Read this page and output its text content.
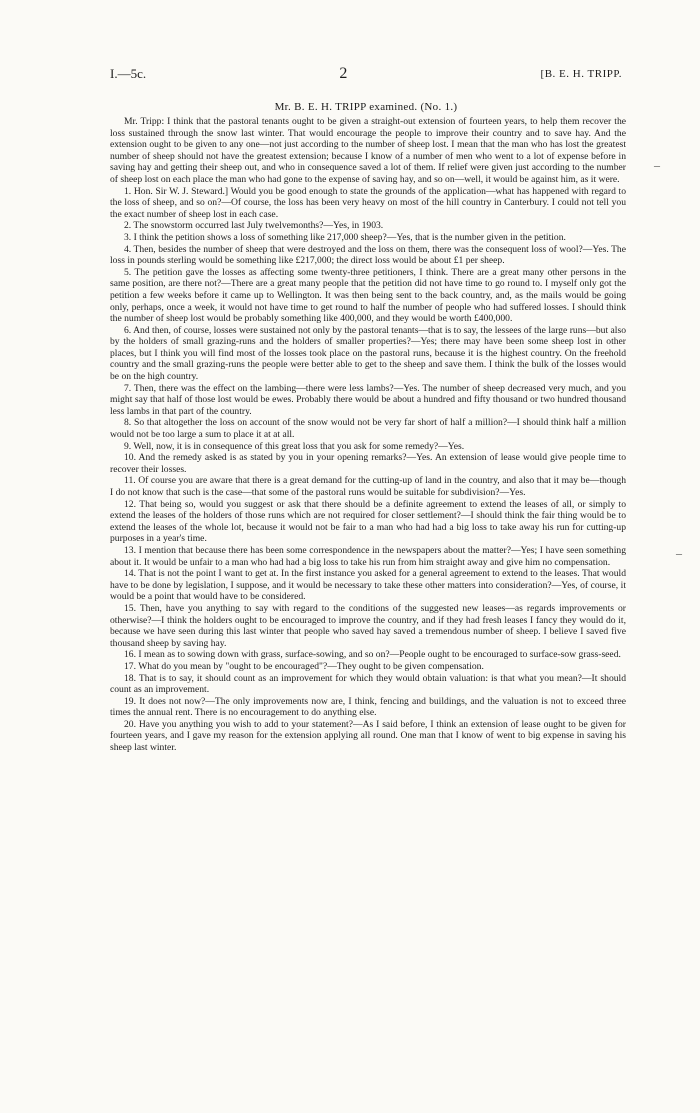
I.—5c.	2	[B. E. H. TRIPP.
Mr. B. E. H. TRIPP examined. (No. 1.)

Mr. Tripp: I think that the pastoral tenants ought to be given a straight-out extension of fourteen years, to help them recover the loss sustained through the snow last winter. That would encourage the people to improve their country and to save hay. And the extension ought to be given to any one—not just according to the number of sheep lost. I mean that the man who has lost the greatest number of sheep should not have the greatest extension; because I know of a number of men who went to a lot of expense before in saving hay and getting their sheep out, and who in consequence saved a lot of them. If relief were given just according to the number of sheep lost on each place the man who had gone to the expense of saving hay, and so on—well, it would be against him, as it were.

1. Hon. Sir W. J. Steward.] Would you be good enough to state the grounds of the application—what has happened with regard to the loss of sheep, and so on?—Of course, the loss has been very heavy on most of the hill country in Canterbury. I could not tell you the exact number of sheep lost in each case.

2. The snowstorm occurred last July twelvemonths?—Yes, in 1903.

3. I think the petition shows a loss of something like 217,000 sheep?—Yes, that is the number given in the petition.

4. Then, besides the number of sheep that were destroyed and the loss on them, there was the consequent loss of wool?—Yes. The loss in pounds sterling would be something like £217,000; the direct loss would be about £1 per sheep.

5. The petition gave the losses as affecting some twenty-three petitioners, I think. There are a great many other persons in the same position, are there not?—There are a great many people that the petition did not have time to go round to. I myself only got the petition a few weeks before it came up to Wellington. It was then being sent to the back country, and, as the mails would be going only, perhaps, once a week, it would not have time to get round to half the number of people who had suffered losses. I should think the number of sheep lost would be probably something like 400,000, and they would be worth £400,000.

6. And then, of course, losses were sustained not only by the pastoral tenants—that is to say, the lessees of the large runs—but also by the holders of small grazing-runs and the holders of smaller properties?—Yes; there may have been some sheep lost in other places, but I think you will find most of the losses took place on the pastoral runs, because it is the highest country. On the freehold country and the small grazing-runs the people were better able to get to the sheep and save them. I think the bulk of the losses would be on the high country.

7. Then, there was the effect on the lambing—there were less lambs?—Yes. The number of sheep decreased very much, and you might say that half of those lost would be ewes. Probably there would be about a hundred and fifty thousand or two hundred thousand less lambs in that part of the country.

8. So that altogether the loss on account of the snow would not be very far short of half a million?—I should think half a million would not be too large a sum to place it at at all.

9. Well, now, it is in consequence of this great loss that you ask for some remedy?—Yes.

10. And the remedy asked is as stated by you in your opening remarks?—Yes. An extension of lease would give people time to recover their losses.

11. Of course you are aware that there is a great demand for the cutting-up of land in the country, and also that it may be—though I do not know that such is the case—that some of the pastoral runs would be suitable for subdivision?—Yes.

12. That being so, would you suggest or ask that there should be a definite agreement to extend the leases of all, or simply to extend the leases of the holders of those runs which are not required for closer settlement?—I should think the fair thing would be to extend the leases of the whole lot, because it would not be fair to a man who had had a big loss to take away his run for cutting-up purposes in a year's time.

13. I mention that because there has been some correspondence in the newspapers about the matter?—Yes; I have seen something about it. It would be unfair to a man who had had a big loss to take his run from him straight away and give him no compensation.

14. That is not the point I want to get at. In the first instance you asked for a general agreement to extend to the leases. That would have to be done by legislation, I suppose, and it would be necessary to take these other matters into consideration?—Yes, of course, it would be a point that would have to be considered.

15. Then, have you anything to say with regard to the conditions of the suggested new leases—as regards improvements or otherwise?—I think the holders ought to be encouraged to improve the country, and if they had fresh leases I fancy they would do it, because we have seen during this last winter that people who saved hay saved a tremendous number of sheep. I believe I saved five thousand sheep by saving hay.

16. I mean as to sowing down with grass, surface-sowing, and so on?—People ought to be encouraged to surface-sow grass-seed.

17. What do you mean by "ought to be encouraged"?—They ought to be given compensation.

18. That is to say, it should count as an improvement for which they would obtain valuation: is that what you mean?—It should count as an improvement.

19. It does not now?—The only improvements now are, I think, fencing and buildings, and the valuation is not to exceed three times the annual rent. There is no encouragement to do anything else.

20. Have you anything you wish to add to your statement?—As I said before, I think an extension of lease ought to be given for fourteen years, and I gave my reason for the extension applying all round. One man that I know of went to big expense in saving his sheep last winter.

–
–
